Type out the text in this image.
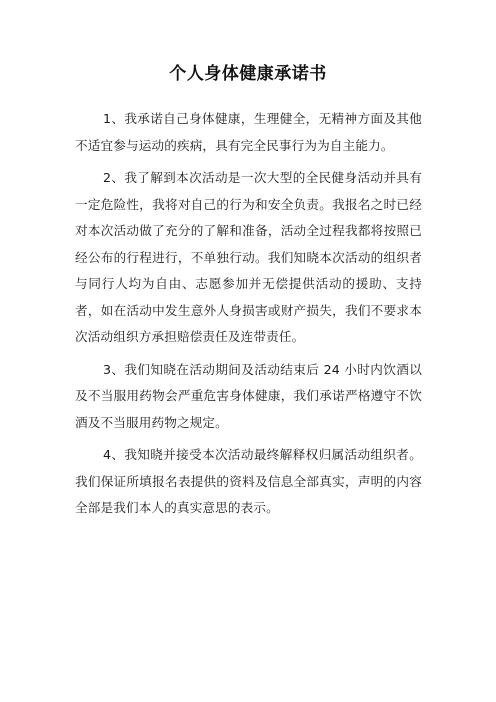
个人身体健康承诺书

1、我承诺自己身体健康，生理健全，无精神方面及其他不适宜参与运动的疾病，具有完全民事行为为自主能力。

2、我了解到本次活动是一次大型的全民健身活动并具有一定危险性，我将对自己的行为和安全负责。我报名之时已经对本次活动做了充分的了解和准备，活动全过程我都将按照已经公布的行程进行，不单独行动。我们知晓本次活动的组织者与同行人均为自由、志愿参加并无偿提供活动的援助、支持者，如在活动中发生意外人身损害或财产损失，我们不要求本次活动组织方承担赔偿责任及连带责任。

3、我们知晓在活动期间及活动结束后 24 小时内饮酒以及不当服用药物会严重危害身体健康，我们承诺严格遵守不饮酒及不当服用药物之规定。

4、我知晓并接受本次活动最终解释权归属活动组织者。我们保证所填报名表提供的资料及信息全部真实，声明的内容全部是我们本人的真实意思的表示。
